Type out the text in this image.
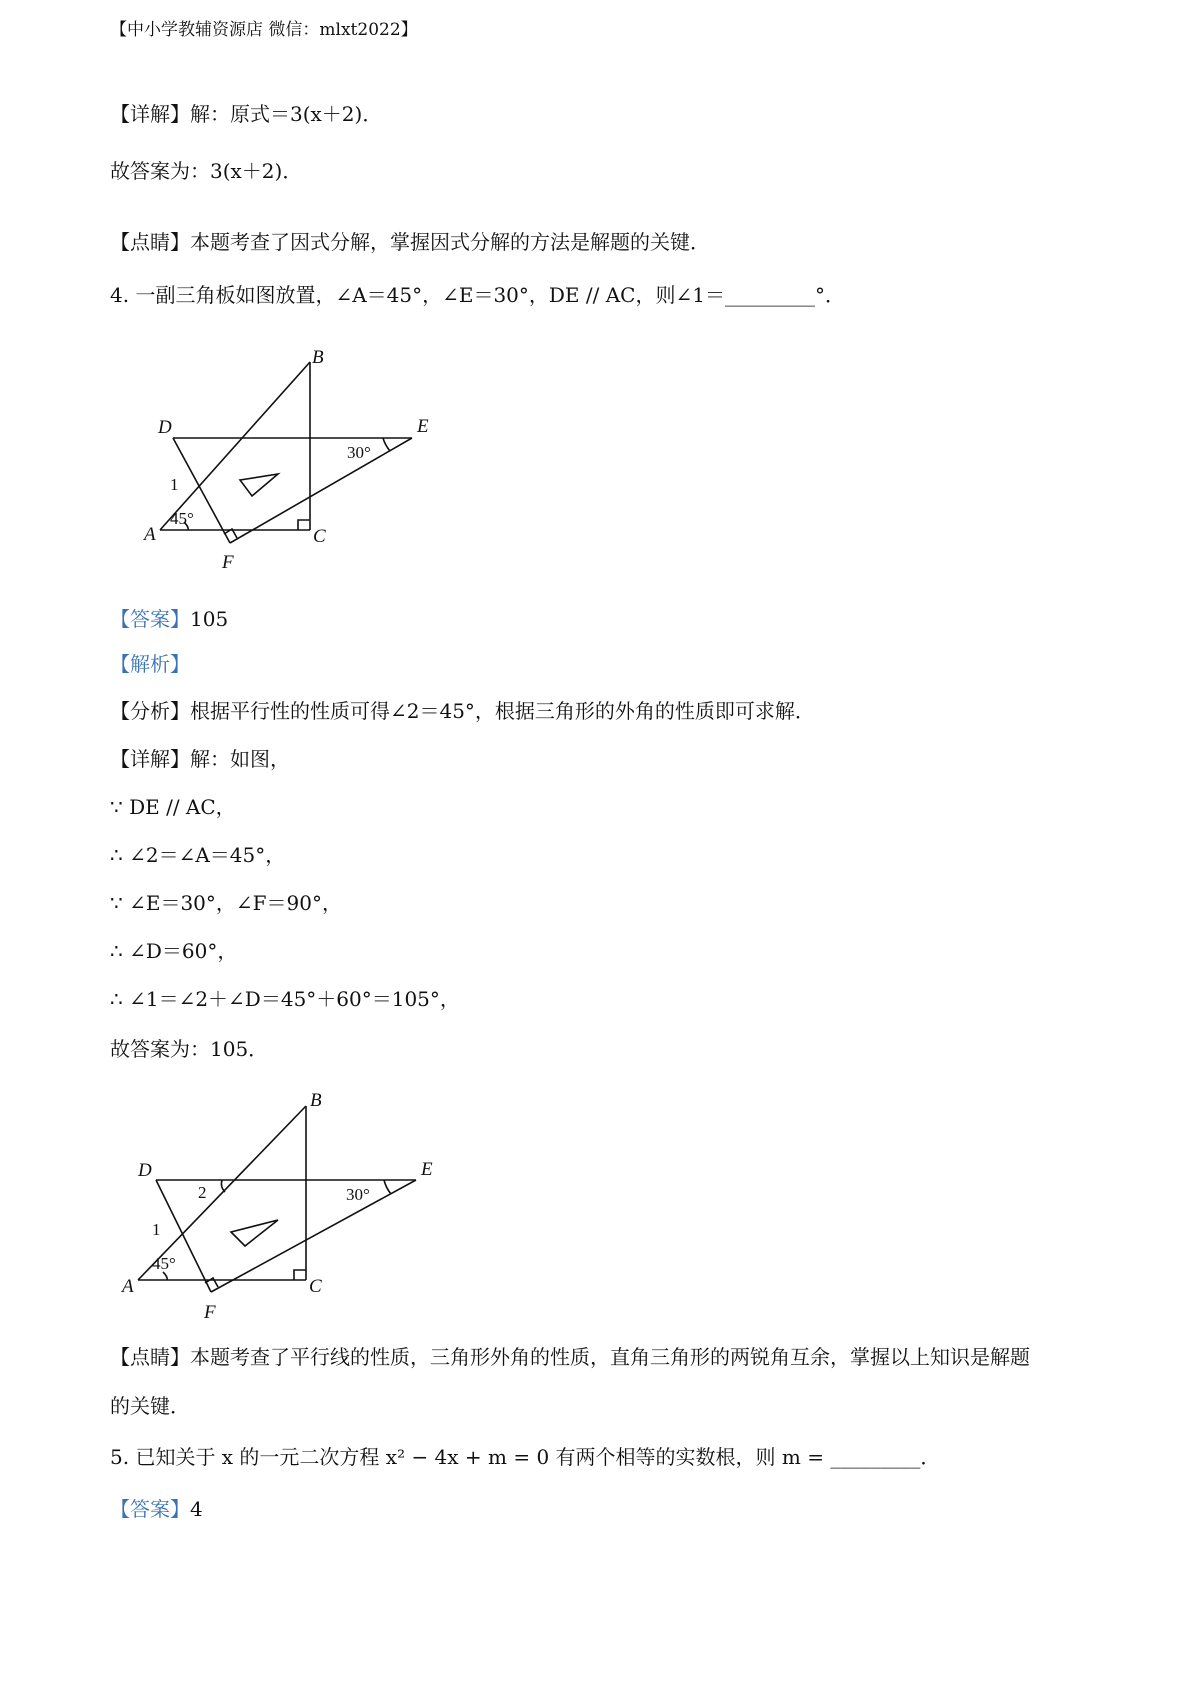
【中小学教辅资源店 微信：mlxt2022】
【详解】解：原式＝3(x＋2)．
故答案为：3(x＋2)．
【点睛】本题考查了因式分解，掌握因式分解的方法是解题的关键．
4. 一副三角板如图放置，∠A＝45°，∠E＝30°，DE // AC，则∠1＝_________°．
B
D	E
A	C
F
1
45°
30°
【答案】105
【解析】
【分析】根据平行性的性质可得∠2＝45°，根据三角形的外角的性质即可求解．
【详解】解：如图，
∵ DE // AC，
∴ ∠2＝∠A＝45°，
∵ ∠E＝30°，∠F＝90°，
∴ ∠D＝60°，
∴ ∠1＝∠2＋∠D＝45°＋60°＝105°，
故答案为：105．
B
D	E
A	C
F
2
1
45°
30°
【点睛】本题考查了平行线的性质，三角形外角的性质，直角三角形的两锐角互余，掌握以上知识是解题
的关键．
5. 已知关于 x 的一元二次方程 x² − 4x + m = 0 有两个相等的实数根，则 m = _________．
【答案】4
